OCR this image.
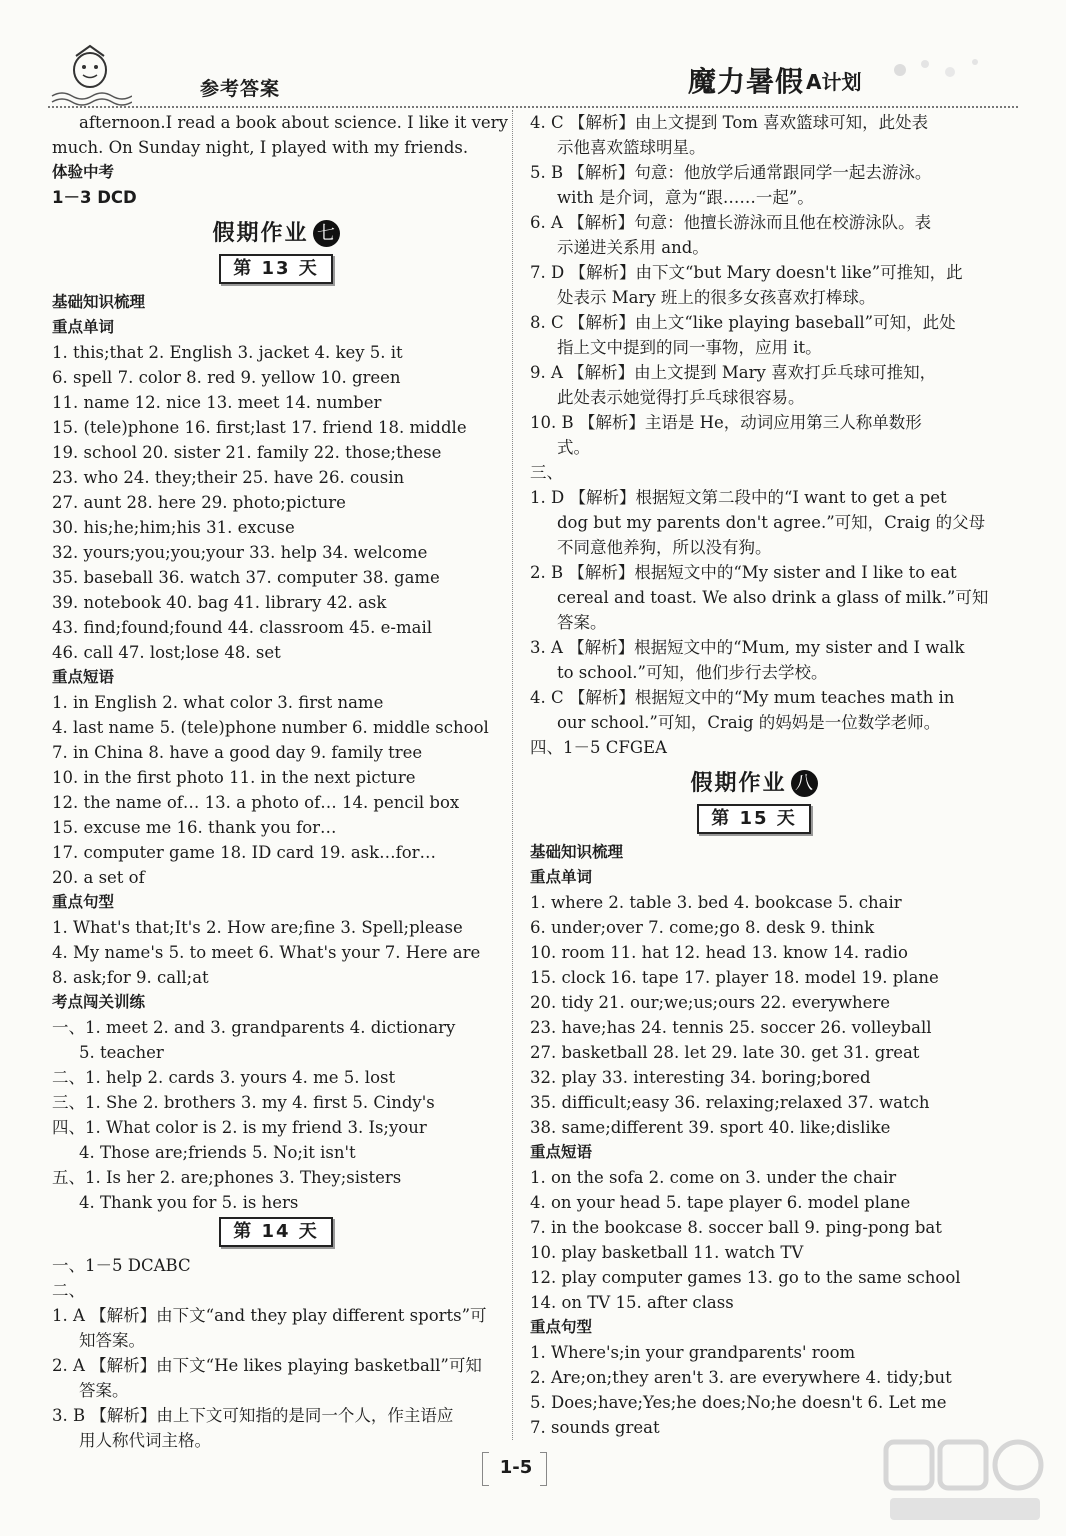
参考答案	魔力暑假 A计划
afternoon.I read a book about science. I like it very
much. On Sunday night, I played with my friends.
体验中考
1－3 DCD
假期作业 七
第 13 天
基础知识梳理
重点单词
1. this;that 2. English 3. jacket 4. key 5. it
6. spell 7. color 8. red 9. yellow 10. green
11. name 12. nice 13. meet 14. number
15. (tele)phone 16. first;last 17. friend 18. middle
19. school 20. sister 21. family 22. those;these
23. who 24. they;their 25. have 26. cousin
27. aunt 28. here 29. photo;picture
30. his;he;him;his 31. excuse
32. yours;you;you;your 33. help 34. welcome
35. baseball 36. watch 37. computer 38. game
39. notebook 40. bag 41. library 42. ask
43. find;found;found 44. classroom 45. e-mail
46. call 47. lost;lose 48. set
重点短语
1. in English 2. what color 3. first name
4. last name 5. (tele)phone number 6. middle school
7. in China 8. have a good day 9. family tree
10. in the first photo 11. in the next picture
12. the name of… 13. a photo of… 14. pencil box
15. excuse me 16. thank you for…
17. computer game 18. ID card 19. ask…for…
20. a set of
重点句型
1. What's that;It's 2. How are;fine 3. Spell;please
4. My name's 5. to meet 6. What's your 7. Here are
8. ask;for 9. call;at
考点闯关训练
一、1. meet 2. and 3. grandparents 4. dictionary
5. teacher
二、1. help 2. cards 3. yours 4. me 5. lost
三、1. She 2. brothers 3. my 4. first 5. Cindy's
四、1. What color is 2. is my friend 3. Is;your
4. Those are;friends 5. No;it isn't
五、1. Is her 2. are;phones 3. They;sisters
4. Thank you for 5. is hers
第 14 天
一、1－5 DCABC
二、
1. A 【解析】由下文“and they play different sports”可
知答案。
2. A 【解析】由下文“He likes playing basketball”可知
答案。
3. B 【解析】由上下文可知指的是同一个人，作主语应
用人称代词主格。
4. C 【解析】由上文提到 Tom 喜欢篮球可知，此处表
示他喜欢篮球明星。
5. B 【解析】句意：他放学后通常跟同学一起去游泳。
with 是介词，意为“跟……一起”。
6. A 【解析】句意：他擅长游泳而且他在校游泳队。表
示递进关系用 and。
7. D 【解析】由下文“but Mary doesn't like”可推知，此
处表示 Mary 班上的很多女孩喜欢打棒球。
8. C 【解析】由上文“like playing baseball”可知，此处
指上文中提到的同一事物，应用 it。
9. A 【解析】由上文提到 Mary 喜欢打乒乓球可推知，
此处表示她觉得打乒乓球很容易。
10. B 【解析】主语是 He，动词应用第三人称单数形
式。
三、
1. D 【解析】根据短文第二段中的“I want to get a pet
dog but my parents don't agree.”可知，Craig 的父母
不同意他养狗，所以没有狗。
2. B 【解析】根据短文中的“My sister and I like to eat
cereal and toast. We also drink a glass of milk.”可知
答案。
3. A 【解析】根据短文中的“Mum, my sister and I walk
to school.”可知，他们步行去学校。
4. C 【解析】根据短文中的“My mum teaches math in
our school.”可知，Craig 的妈妈是一位数学老师。
四、1－5 CFGEA
假期作业 八
第 15 天
基础知识梳理
重点单词
1. where 2. table 3. bed 4. bookcase 5. chair
6. under;over 7. come;go 8. desk 9. think
10. room 11. hat 12. head 13. know 14. radio
15. clock 16. tape 17. player 18. model 19. plane
20. tidy 21. our;we;us;ours 22. everywhere
23. have;has 24. tennis 25. soccer 26. volleyball
27. basketball 28. let 29. late 30. get 31. great
32. play 33. interesting 34. boring;bored
35. difficult;easy 36. relaxing;relaxed 37. watch
38. same;different 39. sport 40. like;dislike
重点短语
1. on the sofa 2. come on 3. under the chair
4. on your head 5. tape player 6. model plane
7. in the bookcase 8. soccer ball 9. ping-pong bat
10. play basketball 11. watch TV
12. play computer games 13. go to the same school
14. on TV 15. after class
重点句型
1. Where's;in your grandparents' room
2. Are;on;they aren't 3. are everywhere 4. tidy;but
5. Does;have;Yes;he does;No;he doesn't 6. Let me
7. sounds great
1-5
